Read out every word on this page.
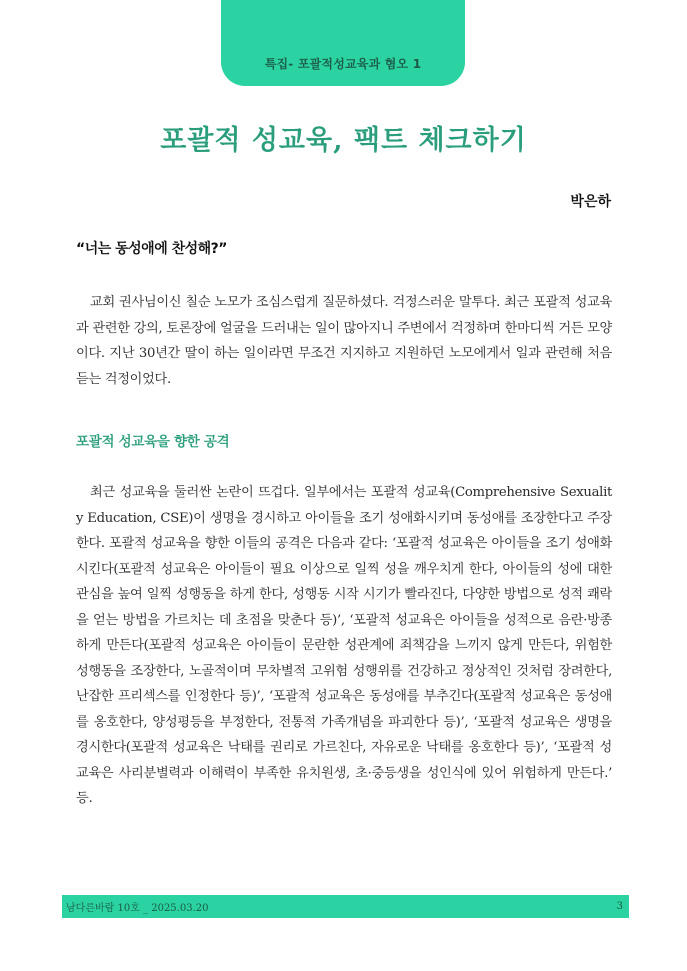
특집- 포괄적성교육과 혐오 1
포괄적 성교육, 팩트 체크하기
박은하
“너는 동성애에 찬성해?”

교회 권사님이신 칠순 노모가 조심스럽게 질문하셨다. 걱정스러운 말투다. 최근 포괄적 성교육과 관련한 강의, 토론장에 얼굴을 드러내는 일이 많아지니 주변에서 걱정하며 한마디씩 거든 모양이다. 지난 30년간 딸이 하는 일이라면 무조건 지지하고 지원하던 노모에게서 일과 관련해 처음 듣는 걱정이었다.

포괄적 성교육을 향한 공격

최근 성교육을 둘러싼 논란이 뜨겁다. 일부에서는 포괄적 성교육(Comprehensive Sexuality Education, CSE)이 생명을 경시하고 아이들을 조기 성애화시키며 동성애를 조장한다고 주장한다. 포괄적 성교육을 향한 이들의 공격은 다음과 같다: ‘포괄적 성교육은 아이들을 조기 성애화시킨다(포괄적 성교육은 아이들이 필요 이상으로 일찍 성을 깨우치게 한다, 아이들의 성에 대한 관심을 높여 일찍 성행동을 하게 한다, 성행동 시작 시기가 빨라진다, 다양한 방법으로 성적 쾌락을 얻는 방법을 가르치는 데 초점을 맞춘다 등)’, ‘포괄적 성교육은 아이들을 성적으로 음란·방종하게 만든다(포괄적 성교육은 아이들이 문란한 성관계에 죄책감을 느끼지 않게 만든다, 위험한 성행동을 조장한다, 노골적이며 무차별적 고위험 성행위를 건강하고 정상적인 것처럼 장려한다, 난잡한 프리섹스를 인정한다 등)’, ‘포괄적 성교육은 동성애를 부추긴다(포괄적 성교육은 동성애를 옹호한다, 양성평등을 부정한다, 전통적 가족개념을 파괴한다 등)’, ‘포괄적 성교육은 생명을 경시한다(포괄적 성교육은 낙태를 권리로 가르친다, 자유로운 낙태를 옹호한다 등)’, ‘포괄적 성교육은 사리분별력과 이해력이 부족한 유치원생, 초·중등생을 성인식에 있어 위험하게 만든다.’ 등.

남다른바람 10호 _ 2025.03.20	3
